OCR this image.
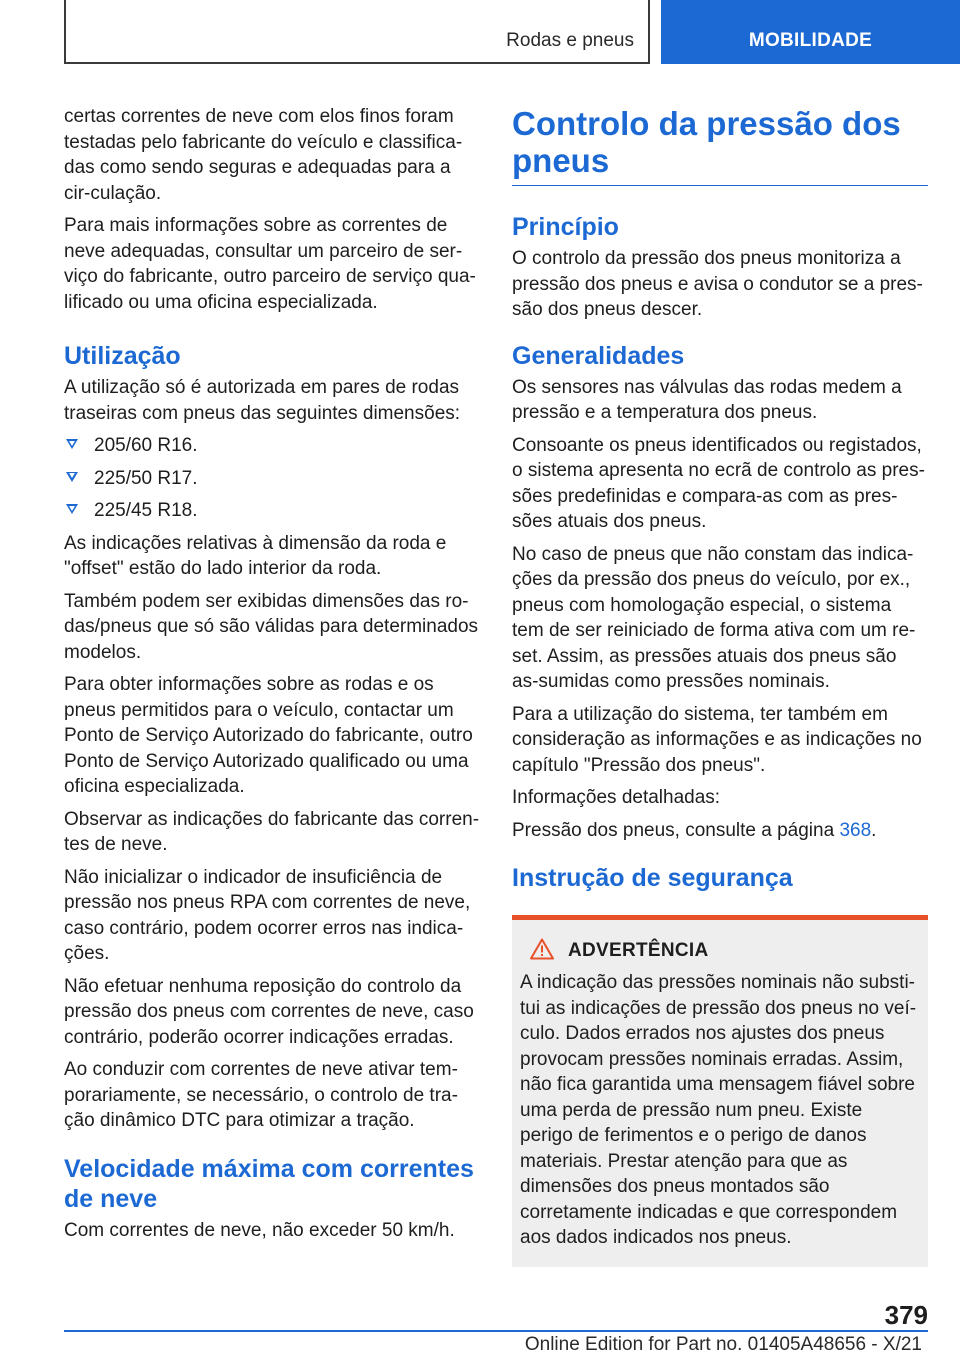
Rodas e pneus	MOBILIDADE

certas correntes de neve com elos finos foram testadas pelo fabricante do veículo e classifica-das como sendo seguras e adequadas para a cir-culação.

Para mais informações sobre as correntes de neve adequadas, consultar um parceiro de ser-viço do fabricante, outro parceiro de serviço qua-lificado ou uma oficina especializada.

Utilização

A utilização só é autorizada em pares de rodas traseiras com pneus das seguintes dimensões:

205/60 R16.
225/50 R17.
225/45 R18.

As indicações relativas à dimensão da roda e "offset" estão do lado interior da roda.

Também podem ser exibidas dimensões das ro-das/pneus que só são válidas para determinados modelos.

Para obter informações sobre as rodas e os pneus permitidos para o veículo, contactar um Ponto de Serviço Autorizado do fabricante, outro Ponto de Serviço Autorizado qualificado ou uma oficina especializada.

Observar as indicações do fabricante das corren-tes de neve.

Não inicializar o indicador de insuficiência de pressão nos pneus RPA com correntes de neve, caso contrário, podem ocorrer erros nas indica-ções.

Não efetuar nenhuma reposição do controlo da pressão dos pneus com correntes de neve, caso contrário, poderão ocorrer indicações erradas.

Ao conduzir com correntes de neve ativar tem-porariamente, se necessário, o controlo de tra-ção dinâmico DTC para otimizar a tração.

Velocidade máxima com correntes de neve

Com correntes de neve, não exceder 50 km/h.

Controlo da pressão dos pneus
Princípio

O controlo da pressão dos pneus monitoriza a pressão dos pneus e avisa o condutor se a pres-são dos pneus descer.

Generalidades

Os sensores nas válvulas das rodas medem a pressão e a temperatura dos pneus.

Consoante os pneus identificados ou registados, o sistema apresenta no ecrã de controlo as pres-sões predefinidas e compara-as com as pres-sões atuais dos pneus.

No caso de pneus que não constam das indica-ções da pressão dos pneus do veículo, por ex., pneus com homologação especial, o sistema tem de ser reiniciado de forma ativa com um re-set. Assim, as pressões atuais dos pneus são as-sumidas como pressões nominais.

Para a utilização do sistema, ter também em consideração as informações e as indicações no capítulo "Pressão dos pneus".

Informações detalhadas:

Pressão dos pneus, consulte a página 368.

Instrução de segurança
ADVERTÊNCIA

A indicação das pressões nominais não substi-tui as indicações de pressão dos pneus no veí-culo. Dados errados nos ajustes dos pneus provocam pressões nominais erradas. Assim, não fica garantida uma mensagem fiável sobre uma perda de pressão num pneu. Existe perigo de ferimentos e o perigo de danos materiais. Prestar atenção para que as dimensões dos pneus montados são corretamente indicadas e que correspondem aos dados indicados nos pneus.

379
Online Edition for Part no. 01405A48656 - X/21
